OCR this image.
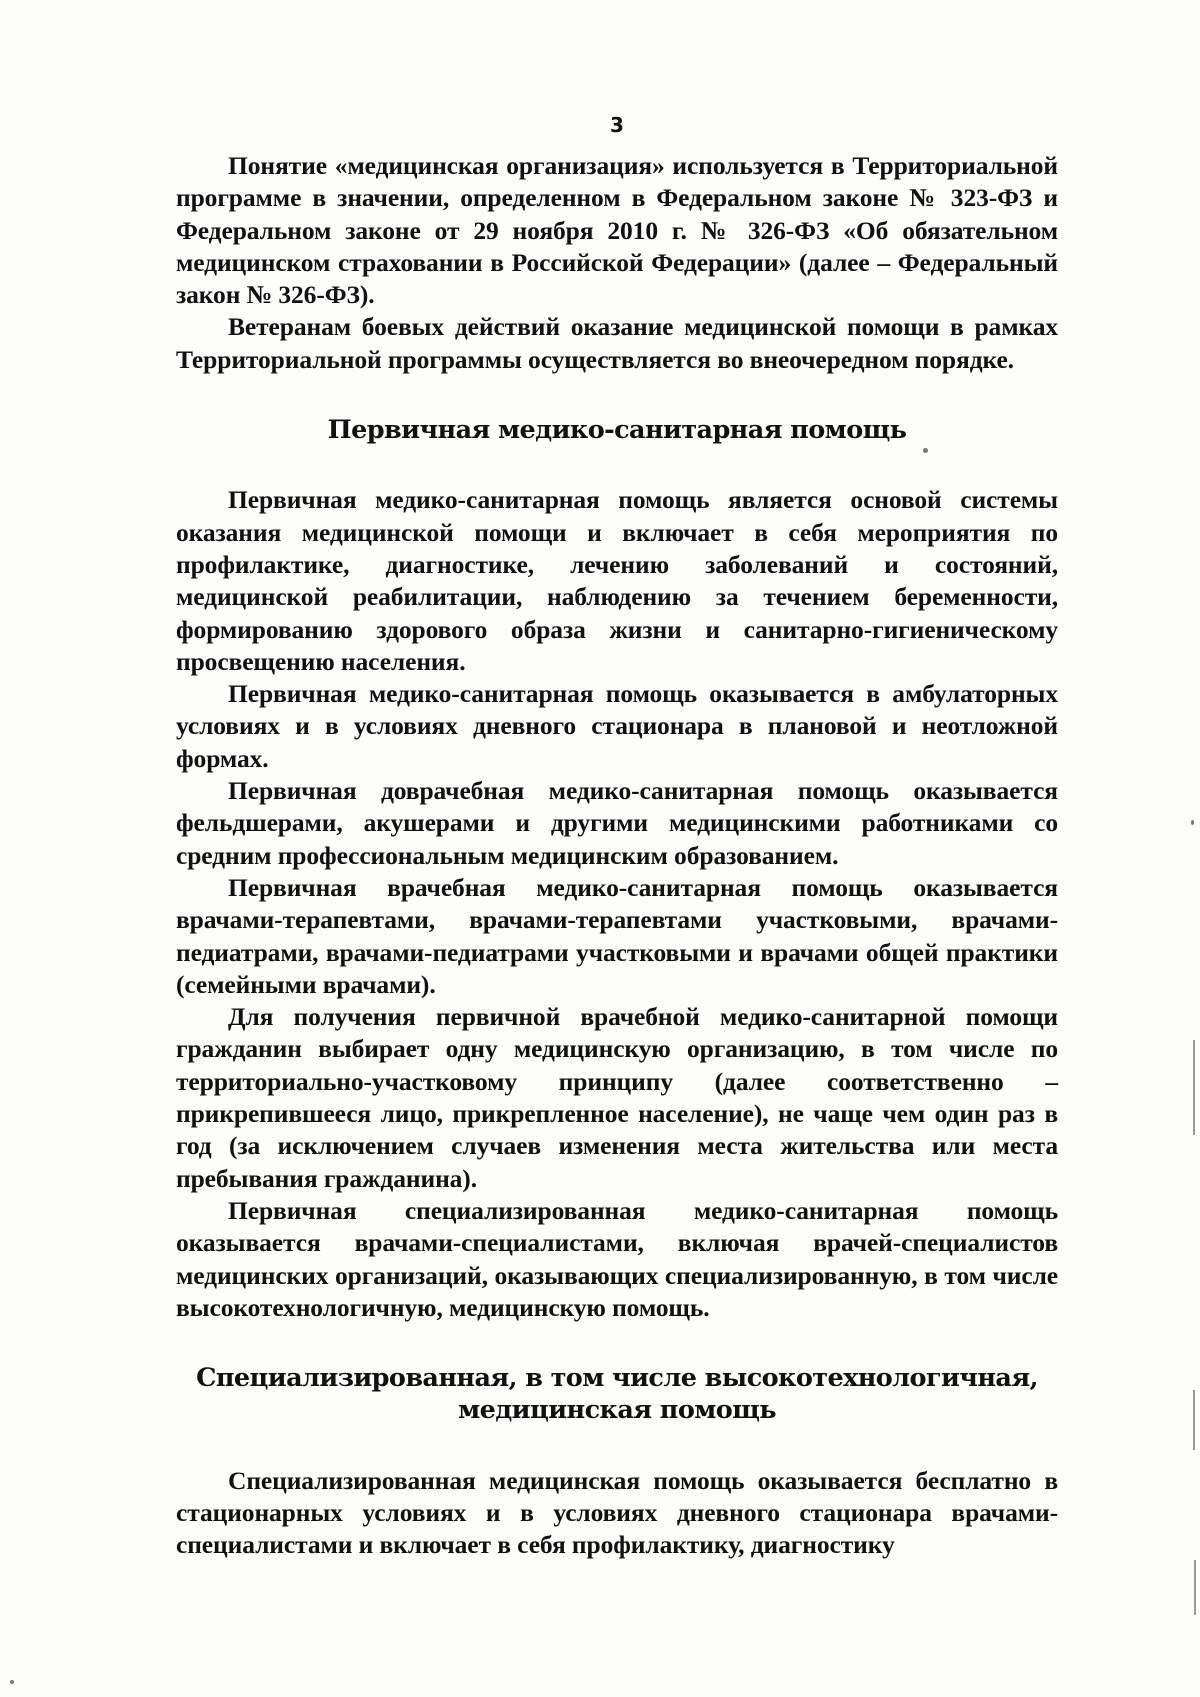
3

Понятие «медицинская организация» используется в Территориальной программе в значении, определенном в Федеральном законе № 323-ФЗ и Федеральном законе от 29 ноября 2010 г. № 326-ФЗ «Об обязательном медицинском страховании в Российской Федерации» (далее – Федеральный закон № 326-ФЗ).

Ветеранам боевых действий оказание медицинской помощи в рамках Территориальной программы осуществляется во внеочередном порядке.

Первичная медико-санитарная помощь

Первичная медико-санитарная помощь является основой системы оказания медицинской помощи и включает в себя мероприятия по профилактике, диагностике, лечению заболеваний и состояний, медицинской реабилитации, наблюдению за течением беременности, формированию здорового образа жизни и санитарно-гигиеническому просвещению населения.

Первичная медико-санитарная помощь оказывается в амбулаторных условиях и в условиях дневного стационара в плановой и неотложной формах.

Первичная доврачебная медико-санитарная помощь оказывается фельдшерами, акушерами и другими медицинскими работниками со средним профессиональным медицинским образованием.

Первичная врачебная медико-санитарная помощь оказывается врачами-терапевтами, врачами-терапевтами участковыми, врачами-педиатрами, врачами-педиатрами участковыми и врачами общей практики (семейными врачами).

Для получения первичной врачебной медико-санитарной помощи гражданин выбирает одну медицинскую организацию, в том числе по территориально-участковому принципу (далее соответственно – прикрепившееся лицо, прикрепленное население), не чаще чем один раз в год (за исключением случаев изменения места жительства или места пребывания гражданина).

Первичная специализированная медико-санитарная помощь оказывается врачами-специалистами, включая врачей-специалистов медицинских организаций, оказывающих специализированную, в том числе высокотехнологичную, медицинскую помощь.

Специализированная, в том числе высокотехнологичная,
медицинская помощь

Специализированная медицинская помощь оказывается бесплатно в стационарных условиях и в условиях дневного стационара врачами-специалистами и включает в себя профилактику, диагностику
